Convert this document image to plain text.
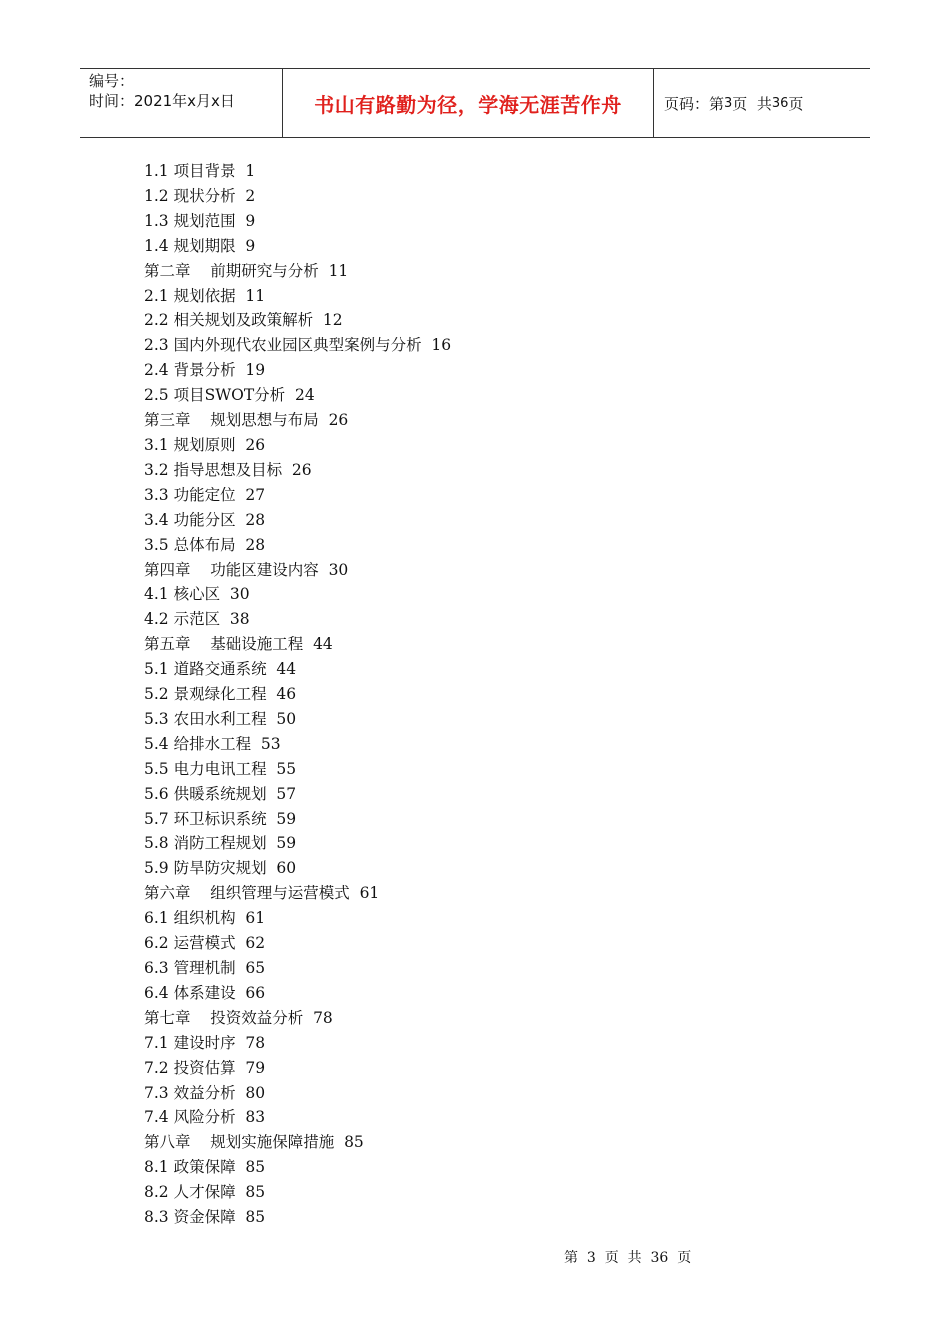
编号：
时间：2021年x月x日	书山有路勤为径，学海无涯苦作舟	页码：第 3 页  共 36 页
1.1 项目背景  1
1.2 现状分析  2
1.3 规划范围  9
1.4 规划期限  9
第二章    前期研究与分析  11
2.1 规划依据  11
2.2 相关规划及政策解析  12
2.3 国内外现代农业园区典型案例与分析  16
2.4 背景分析  19
2.5 项目SWOT分析  24
第三章    规划思想与布局  26
3.1 规划原则  26
3.2 指导思想及目标  26
3.3 功能定位  27
3.4 功能分区  28
3.5 总体布局  28
第四章    功能区建设内容  30
4.1 核心区  30
4.2 示范区  38
第五章    基础设施工程  44
5.1 道路交通系统  44
5.2 景观绿化工程  46
5.3 农田水利工程  50
5.4 给排水工程  53
5.5 电力电讯工程  55
5.6 供暖系统规划  57
5.7 环卫标识系统  59
5.8 消防工程规划  59
5.9 防旱防灾规划  60
第六章    组织管理与运营模式  61
6.1 组织机构  61
6.2 运营模式  62
6.3 管理机制  65
6.4 体系建设  66
第七章    投资效益分析  78
7.1 建设时序  78
7.2 投资估算  79
7.3 效益分析  80
7.4 风险分析  83
第八章    规划实施保障措施  85
8.1 政策保障  85
8.2 人才保障  85
8.3 资金保障  85
第  3  页  共  36  页
